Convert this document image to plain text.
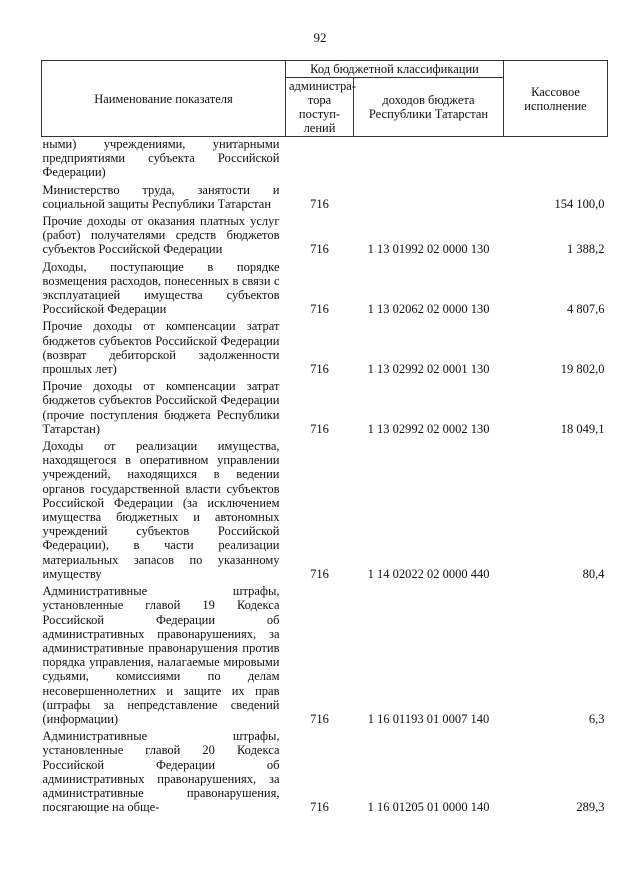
92
Наименование показателя	Код бюджетной классификации		Кассовое исполнение
	администра-тора поступ-лений	доходов бюджета Республики Татарстан	
ными) учреждениями, унитарными предприятиями субъекта Российской Федерации)			
Министерство труда, занятости и социальной защиты Республики Татарстан	716		154 100,0
Прочие доходы от оказания платных услуг (работ) получателями средств бюджетов субъектов Российской Федерации	716	1 13 01992 02 0000 130	1 388,2
Доходы, поступающие в порядке возмещения расходов, понесенных в связи с эксплуатацией имущества субъектов Российской Федерации	716	1 13 02062 02 0000 130	4 807,6
Прочие доходы от компенсации затрат бюджетов субъектов Российской Федерации (возврат дебиторской задолженности прошлых лет)	716	1 13 02992 02 0001 130	19 802,0
Прочие доходы от компенсации затрат бюджетов субъектов Российской Федерации (прочие поступления бюджета Республики Татарстан)	716	1 13 02992 02 0002 130	18 049,1
Доходы от реализации имущества, находящегося в оперативном управлении учреждений, находящихся в ведении органов государственной власти субъектов Российской Федерации (за исключением имущества бюджетных и автономных учреждений субъектов Российской Федерации), в части реализации материальных запасов по указанному имуществу	716	1 14 02022 02 0000 440	80,4
Административные штрафы, установленные главой 19 Кодекса Российской Федерации об административных правонарушениях, за административные правонарушения против порядка управления, налагаемые мировыми судьями, комиссиями по делам несовершеннолетних и защите их прав (штрафы за непредставление сведений (информации)	716	1 16 01193 01 0007 140	6,3
Административные штрафы, установленные главой 20 Кодекса Российской Федерации об административных правонарушениях, за административные правонарушения, посягающие на обще-	716	1 16 01205 01 0000 140	289,3
